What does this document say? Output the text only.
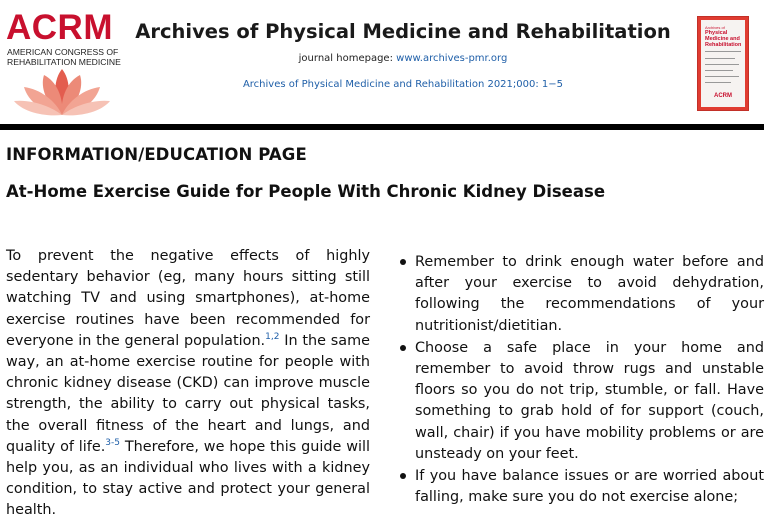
ACRM
AMERICAN CONGRESS OF
REHABILITATION MEDICINE
Archives of Physical Medicine and Rehabilitation
journal homepage: www.archives-pmr.org
Archives of Physical Medicine and Rehabilitation 2021;000: 1−5
Archives of
Physical Medicine and Rehabilitation
ACRM
INFORMATION/EDUCATION PAGE
At-Home Exercise Guide for People With Chronic Kidney Disease
To prevent the negative effects of highly sedentary behavior (eg, many hours sitting still watching TV and using smartphones), at-home exercise routines have been recommended for everyone in the general population.$^{1,2}$ In the same way, an at-home exercise routine for people with chronic kidney disease (CKD) can improve muscle strength, the ability to carry out physical tasks, the overall fitness of the heart and lungs, and quality of life.$^{3-5}$ Therefore, we hope this guide will help you, as an individual who lives with a kidney condition, to stay active and protect your general health.
Remember to drink enough water before and after your exercise to avoid dehydration, following the recommendations of your nutritionist/dietitian.
Choose a safe place in your home and remember to avoid throw rugs and unstable floors so you do not trip, stumble, or fall. Have something to grab hold of for support (couch, wall, chair) if you have mobility problems or are unsteady on your feet.
If you have balance issues or are worried about falling, make sure you do not exercise alone;
